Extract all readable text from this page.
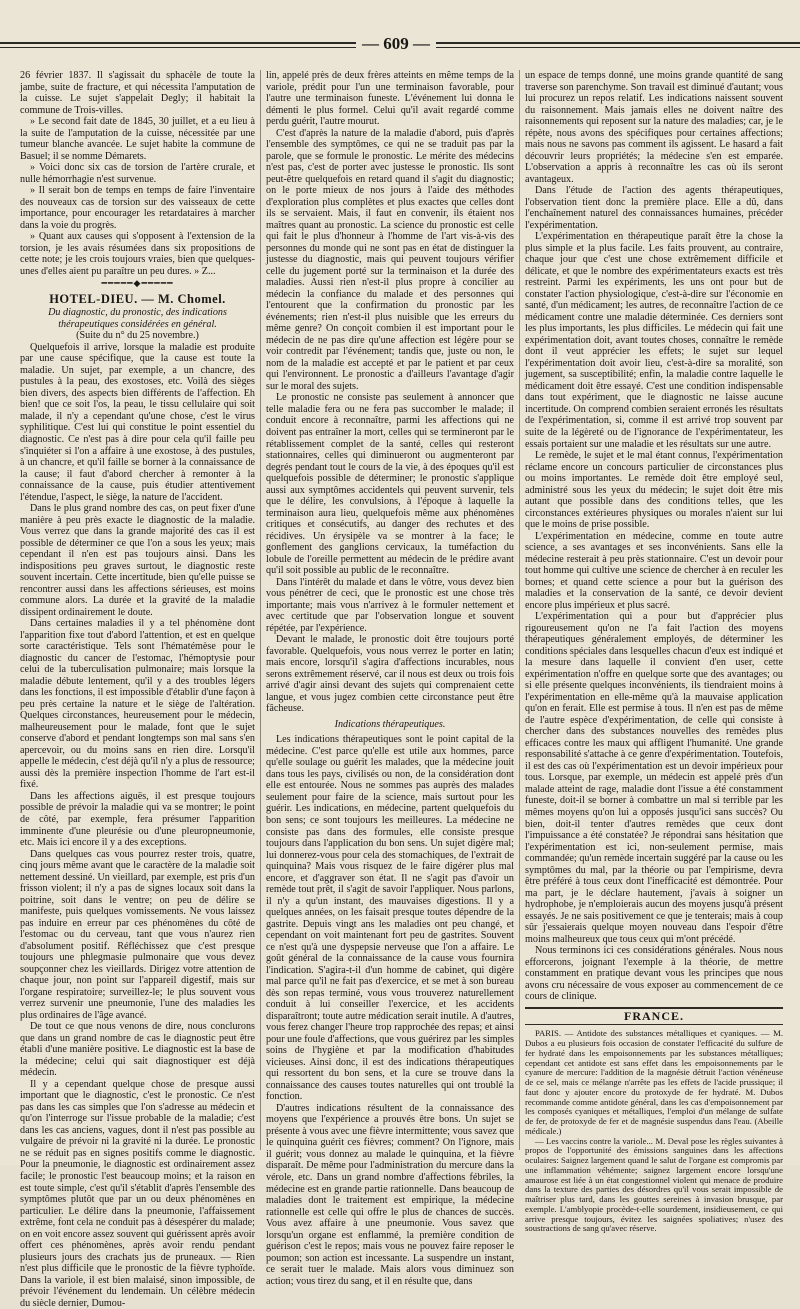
— 609 —

26 février 1837. Il s'agissait du sphacèle de toute la jambe, suite de fracture, et qui nécessita l'amputation de la cuisse. Le sujet s'appelait Degly; il habitait la commune de Trois-villes.

» Le second fait date de 1845, 30 juillet, et a eu lieu à la suite de l'amputation de la cuisse, nécessitée par une tumeur blanche avancée. Le sujet habite la commune de Basuel; il se nomme Démarets.

» Voici donc six cas de torsion de l'artère crurale, et nulle hémorrhagie n'est survenue.

» Il serait bon de temps en temps de faire l'inventaire des nouveaux cas de torsion sur des vaisseaux de cette importance, pour encourager les retardataires à marcher dans la voie du progrès.

» Quant aux causes qui s'opposent à l'extension de la torsion, je les avais résumées dans six propositions de cette note; je les crois toujours vraies, bien que quelques-unes d'elles aient pu paraître un peu dures. » Z...

━━━━━◆━━━━━
HOTEL-DIEU. — M. Chomel.

Du diagnostic, du pronostic, des indications thérapeutiques considérées en général.

(Suite du n° du 25 novembre.)

Quelquefois il arrive, lorsque la maladie est produite par une cause spécifique, que la cause est toute la maladie. Un sujet, par exemple, a un chancre, des pustules à la peau, des exostoses, etc. Voilà des sièges bien divers, des aspects bien différents de l'affection. Eh bien! que ce soit l'os, la peau, le tissu cellulaire qui soit malade, il n'y a cependant qu'une chose, c'est le virus syphilitique. C'est lui qui constitue le point essentiel du diagnostic. Ce n'est pas à dire pour cela qu'il faille peu s'inquiéter si l'on a affaire à une exostose, à des pustules, à un chancre, et qu'il faille se borner à la connaissance de la cause; il faut d'abord chercher à remonter à la connaissance de la cause, puis étudier attentivement l'étendue, l'aspect, le siège, la nature de l'accident.

Dans le plus grand nombre des cas, on peut fixer d'une manière à peu près exacte le diagnostic de la maladie. Vous verrez que dans la grande majorité des cas il est possible de déterminer ce que l'on a sous les yeux; mais cependant il n'en est pas toujours ainsi. Dans les indispositions peu graves surtout, le diagnostic reste souvent incertain. Cette incertitude, bien qu'elle puisse se rencontrer aussi dans les affections sérieuses, est moins commune alors. La durée et la gravité de la maladie dissipent ordinairement le doute.

Dans certaines maladies il y a tel phénomène dont l'apparition fixe tout d'abord l'attention, et est en quelque sorte caractéristique. Tels sont l'hématémèse pour le diagnostic du cancer de l'estomac, l'hémoptysie pour celui de la tuberculisation pulmonaire; mais lorsque la maladie débute lentement, qu'il y a des troubles légers dans les fonctions, il est impossible d'établir d'une façon à peu près certaine la nature et le siège de l'altération. Quelques circonstances, heureusement pour le médecin, malheureusement pour le malade, font que le sujet conserve d'abord et pendant longtemps son mal sans s'en apercevoir, ou du moins sans en rien dire. Lorsqu'il appelle le médecin, c'est déjà qu'il n'y a plus de ressource; aussi dès la première inspection l'homme de l'art est-il fixé.

Dans les affections aiguës, il est presque toujours possible de prévoir la maladie qui va se montrer; le point de côté, par exemple, fera présumer l'apparition imminente d'une pleurésie ou d'une pleuropneumonie, etc. Mais ici encore il y a des exceptions.

Dans quelques cas vous pourrez rester trois, quatre, cinq jours même avant que le caractère de la maladie soit nettement dessiné. Un vieillard, par exemple, est pris d'un frisson violent; il n'y a pas de signes locaux soit dans la poitrine, soit dans le ventre; on peu de délire se manifeste, puis quelques vomissements. Ne vous laissez pas induire en erreur par ces phénomènes du côté de l'estomac ou du cerveau, tant que vous n'aurez rien d'absolument positif. Réfléchissez que c'est presque toujours une phlegmasie pulmonaire que vous devez soupçonner chez les vieillards. Dirigez votre attention de chaque jour, non point sur l'appareil digestif, mais sur l'organe respiratoire; surveillez-le; le plus souvent vous verrez survenir une pneumonie, l'une des maladies les plus ordinaires de l'âge avancé.

De tout ce que nous venons de dire, nous conclurons que dans un grand nombre de cas le diagnostic peut être établi d'une manière positive. Le diagnostic est la base de la médecine; celui qui sait diagnostiquer est déjà médecin.

Il y a cependant quelque chose de presque aussi important que le diagnostic, c'est le pronostic. Ce n'est pas dans les cas simples que l'on s'adresse au médecin et qu'on l'interroge sur l'issue probable de la maladie; c'est dans les cas anciens, vagues, dont il n'est pas possible au vulgaire de prévoir ni la gravité ni la durée. Le pronostic ne se réduit pas en signes positifs comme le diagnostic. Pour la pneumonie, le diagnostic est ordinairement assez facile; le pronostic l'est beaucoup moins; et la raison en est toute simple, c'est qu'il s'établit d'après l'ensemble des symptômes plutôt que par un ou deux phénomènes en particulier. Le délire dans la pneumonie, l'affaissement extrême, font cela ne conduit pas à désespérer du malade; on en voit encore assez souvent qui guérissent après avoir offert ces phénomènes, après avoir rendu pendant plusieurs jours des crachats jus de pruneaux. — Rien n'est plus difficile que le pronostic de la fièvre typhoïde. Dans la variole, il est bien malaisé, sinon impossible, de prévoir l'événement du lendemain. Un célèbre médecin du siècle dernier, Dumou-

lin, appelé près de deux frères atteints en même temps de la variole, prédit pour l'un une terminaison favorable, pour l'autre une terminaison funeste. L'événement lui donna le démenti le plus formel. Celui qu'il avait regardé comme perdu guérit, l'autre mourut.

C'est d'après la nature de la maladie d'abord, puis d'après l'ensemble des symptômes, ce qui ne se traduit pas par la parole, que se formule le pronostic. Le mérite des médecins n'est pas, c'est de porter avec justesse le pronostic. Ils sont peut-être quelquefois en retard quand il s'agit du diagnostic; on le porte mieux de nos jours à l'aide des méthodes d'exploration plus complètes et plus exactes que celles dont ils se servaient. Mais, il faut en convenir, ils étaient nos maîtres quant au pronostic. La science du pronostic est celle qui fait le plus d'honneur à l'homme de l'art vis-à-vis des personnes du monde qui ne sont pas en état de distinguer la justesse du diagnostic, mais qui peuvent toujours vérifier celle du jugement porté sur la terminaison et la durée des maladies. Aussi rien n'est-il plus propre à concilier au médecin la confiance du malade et des personnes qui l'entourent que la confirmation du pronostic par les événements; rien n'est-il plus nuisible que les erreurs du même genre? On conçoit combien il est important pour le médecin de ne pas dire qu'une affection est légère pour se voir contredit par l'événement; tandis que, juste ou non, le nom de la maladie est accepté et par le patient et par ceux qui l'environnent. Le pronostic a d'ailleurs l'avantage d'agir sur le moral des sujets.

Le pronostic ne consiste pas seulement à annoncer que telle maladie fera ou ne fera pas succomber le malade; il conduit encore à reconnaître, parmi les affections qui ne doivent pas entraîner la mort, celles qui se termineront par le rétablissement complet de la santé, celles qui resteront stationnaires, celles qui diminueront ou augmenteront par degrés pendant tout le cours de la vie, à des époques qu'il est quelquefois possible de déterminer; le pronostic s'applique aussi aux symptômes accidentels qui peuvent survenir, tels que le délire, les convulsions, à l'époque à laquelle la terminaison aura lieu, quelquefois même aux phénomènes critiques et consécutifs, au danger des rechutes et des récidives. Un érysipèle va se montrer à la face; le gonflement des ganglions cervicaux, la tuméfaction du lobule de l'oreille permettent au médecin de le prédire avant qu'il soit possible au public de le reconnaître.

Dans l'intérêt du malade et dans le vôtre, vous devez bien vous pénétrer de ceci, que le pronostic est une chose très importante; mais vous n'arrivez à le formuler nettement et avec certitude que par l'observation longue et souvent répétée, par l'expérience.

Devant le malade, le pronostic doit être toujours porté favorable. Quelquefois, vous nous verrez le porter en latin; mais encore, lorsqu'il s'agira d'affections incurables, nous serons extrêmement réservé, car il nous est deux ou trois fois arrivé d'agir ainsi devant des sujets qui comprenaient cette langue, et vous jugez combien cette circonstance peut être fâcheuse.

Indications thérapeutiques.

Les indications thérapeutiques sont le point capital de la médecine. C'est parce qu'elle est utile aux hommes, parce qu'elle soulage ou guérit les malades, que la médecine jouit dans tous les pays, civilisés ou non, de la considération dont elle est entourée. Nous ne sommes pas auprès des malades seulement pour faire de la science, mais surtout pour les guérir. Les indications, en médecine, partent quelquefois du bon sens; ce sont toujours les meilleures. La médecine ne consiste pas dans des formules, elle consiste presque toujours dans l'application du bon sens. Un sujet digère mal; lui donnerez-vous pour cela des stomachiques, de l'extrait de quinquina? Mais vous risquez de le faire digérer plus mal encore, et d'aggraver son état. Il ne s'agit pas d'avoir un remède tout prêt, il s'agit de savoir l'appliquer. Nous parlons, il n'y a qu'un instant, des mauvaises digestions. Il y a quelques années, on les faisait presque toutes dépendre de la gastrite. Depuis vingt ans les maladies ont peu changé, et cependant on voit maintenant fort peu de gastrites. Souvent ce n'est qu'à une dyspepsie nerveuse que l'on a affaire. Le goût général de la connaissance de la cause vous fournira l'indication. S'agira-t-il d'un homme de cabinet, qui digère mal parce qu'il ne fait pas d'exercice, et se met à son bureau dès son repas terminé, vous vous trouverez naturellement conduit à lui conseiller l'exercice, et les accidents disparaîtront; toute autre médication serait inutile. A d'autres, vous ferez changer l'heure trop rapprochée des repas; et ainsi pour une foule d'affections, que vous guérirez par les simples soins de l'hygiène et par la modification d'habitudes vicieuses. Ainsi donc, il est des indications thérapeutiques qui ressortent du bon sens, et la cure se trouve dans la connaissance des causes toutes naturelles qui ont troublé la fonction.

D'autres indications résultent de la connaissance des moyens que l'expérience a prouvés être bons. Un sujet se présente à vous avec une fièvre intermittente; vous savez que le quinquina guérit ces fièvres; comment? On l'ignore, mais il guérit; vous donnez au malade le quinquina, et la fièvre disparaît. De même pour l'administration du mercure dans la vérole, etc. Dans un grand nombre d'affections fébriles, la médecine est en grande partie rationnelle. Dans beaucoup de maladies dont le traitement est empirique, la médecine rationnelle est celle qui offre le plus de chances de succès. Vous avez affaire à une pneumonie. Vous savez que lorsqu'un organe est enflammé, la première condition de guérison c'est le repos; mais vous ne pouvez faire reposer le poumon; son action est incessante. La suspendre un instant, ce serait tuer le malade. Mais alors vous diminuez son action; vous tirez du sang, et il en résulte que, dans

un espace de temps donné, une moins grande quantité de sang traverse son parenchyme. Son travail est diminué d'autant; vous lui procurez un repos relatif. Les indications naissent souvent du raisonnement. Mais jamais elles ne doivent naître des raisonnements qui reposent sur la nature des maladies; car, je le répète, nous avons des spécifiques pour certaines affections; mais nous ne savons pas comment ils agissent. Le hasard a fait découvrir leurs propriétés; la médecine s'en est emparée. L'observation a appris à reconnaître les cas où ils seront avantageux.

Dans l'étude de l'action des agents thérapeutiques, l'observation tient donc la première place. Elle a dû, dans l'enchaînement naturel des connaissances humaines, précéder l'expérimentation.

L'expérimentation en thérapeutique paraît être la chose la plus simple et la plus facile. Les faits prouvent, au contraire, chaque jour que c'est une chose extrêmement difficile et délicate, et que le nombre des expérimentateurs exacts est très restreint. Parmi les expériments, les uns ont pour but de constater l'action physiologique, c'est-à-dire sur l'économie en santé, d'un médicament; les autres, de reconnaître l'action de ce médicament contre une maladie déterminée. Ces derniers sont les plus importants, les plus difficiles. Le médecin qui fait une expérimentation doit, avant toutes choses, connaître le remède dont il veut apprécier les effets; le sujet sur lequel l'expérimentation doit avoir lieu, c'est-à-dire sa moralité, son jugement, sa susceptibilité; enfin, la maladie contre laquelle le médicament doit être essayé. C'est une condition indispensable dans tout expériment, que le diagnostic ne laisse aucune incertitude. On comprend combien seraient erronés les résultats de l'expérimentation, si, comme il est arrivé trop souvent par suite de la légèreté ou de l'ignorance de l'expérimentateur, les essais portaient sur une maladie et les résultats sur une autre.

Le remède, le sujet et le mal étant connus, l'expérimentation réclame encore un concours particulier de circonstances plus ou moins importantes. Le remède doit être employé seul, administré sous les yeux du médecin; le sujet doit être mis autant que possible dans des conditions telles, que les circonstances extérieures physiques ou morales n'aient sur lui que le moins de prise possible.

L'expérimentation en médecine, comme en toute autre science, a ses avantages et ses inconvénients. Sans elle la médecine resterait à peu près stationnaire. C'est un devoir pour tout homme qui cultive une science de chercher à en reculer les bornes; et quand cette science a pour but la guérison des maladies et la conservation de la santé, ce devoir devient encore plus impérieux et plus sacré.

L'expérimentation qui a pour but d'apprécier plus rigoureusement qu'on ne l'a fait l'action des moyens thérapeutiques généralement employés, de déterminer les conditions spéciales dans lesquelles chacun d'eux est indiqué et la mesure dans laquelle il convient d'en user, cette expérimentation n'offre en quelque sorte que des avantages; ou si elle présente quelques inconvénients, ils tiendraient moins à l'expérimentation en elle-même qu'à la mauvaise application qu'on en ferait. Elle est permise à tous. Il n'en est pas de même de l'autre espèce d'expérimentation, de celle qui consiste à chercher dans des substances nouvelles des remèdes plus efficaces contre les maux qui affligent l'humanité. Une grande responsabilité s'attache à ce genre d'expérimentation. Toutefois, il est des cas où l'expérimentation est un devoir impérieux pour tous. Lorsque, par exemple, un médecin est appelé près d'un malade atteint de rage, maladie dont l'issue a été constamment funeste, doit-il se borner à combattre un mal si terrible par les mêmes moyens qu'on lui a opposés jusqu'ici sans succès? Ou bien, doit-il tenter d'autres remèdes que ceux dont l'impuissance a été constatée? Je répondrai sans hésitation que l'expérimentation est ici, non-seulement permise, mais commandée; qu'un remède incertain suggéré par la cause ou les symptômes du mal, par la théorie ou par l'empirisme, devra être préféré à tous ceux dont l'inefficacité est démontrée. Pour ma part, je le déclare hautement, j'avais à soigner un hydrophobe, je n'emploierais aucun des moyens jusqu'à présent essayés. Je ne sais positivement ce que je tenterais; mais à coup sûr j'essaierais quelque moyen nouveau dans l'espoir d'être moins malheureux que tous ceux qui m'ont précédé.

Nous terminons ici ces considérations générales. Nous nous efforcerons, joignant l'exemple à la théorie, de mettre constamment en pratique devant vous les principes que nous avons cru nécessaire de vous exposer au commencement de ce cours de clinique.

FRANCE.

PARIS. — Antidote des substances métalliques et cyaniques. — M. Dubos a eu plusieurs fois occasion de constater l'efficacité du sulfure de fer hydraté dans les empoisonnements par les substances métalliques; cependant cet antidote est sans effet dans les empoisonnements par le cyanure de mercure: l'addition de la magnésie détruit l'action vénéneuse de ce sel, mais ce mélange n'arrête pas les effets de l'acide prussique; il faut donc y ajouter encore du protoxyde de fer hydraté. M. Dubos recommande comme antidote général, dans les cas d'empoisonnement par les composés cyaniques et métalliques, l'emploi d'un mélange de sulfate de fer, de protoxyde de fer et de magnésie suspendus dans l'eau. (Abeille médicale.)

— Les vaccins contre la variole... M. Deval pose les règles suivantes à propos de l'opportunité des émissions sanguines dans les affections oculaires: Saignez largement quand le salut de l'organe est compromis par une inflammation véhémente; saignez largement encore lorsqu'une amaurose est liée à un état congestionnel violent qui menace de produire dans la texture des parties des désordres qu'il vous serait impossible de maîtriser plus tard, dans les gouttes sereines à invasion brusque, par exemple. L'amblyopie procède-t-elle sourdement, insidieusement, ce qui arrive presque toujours, évitez les saignées spoliatives; n'usez des soustractions de sang qu'avec réserve.
